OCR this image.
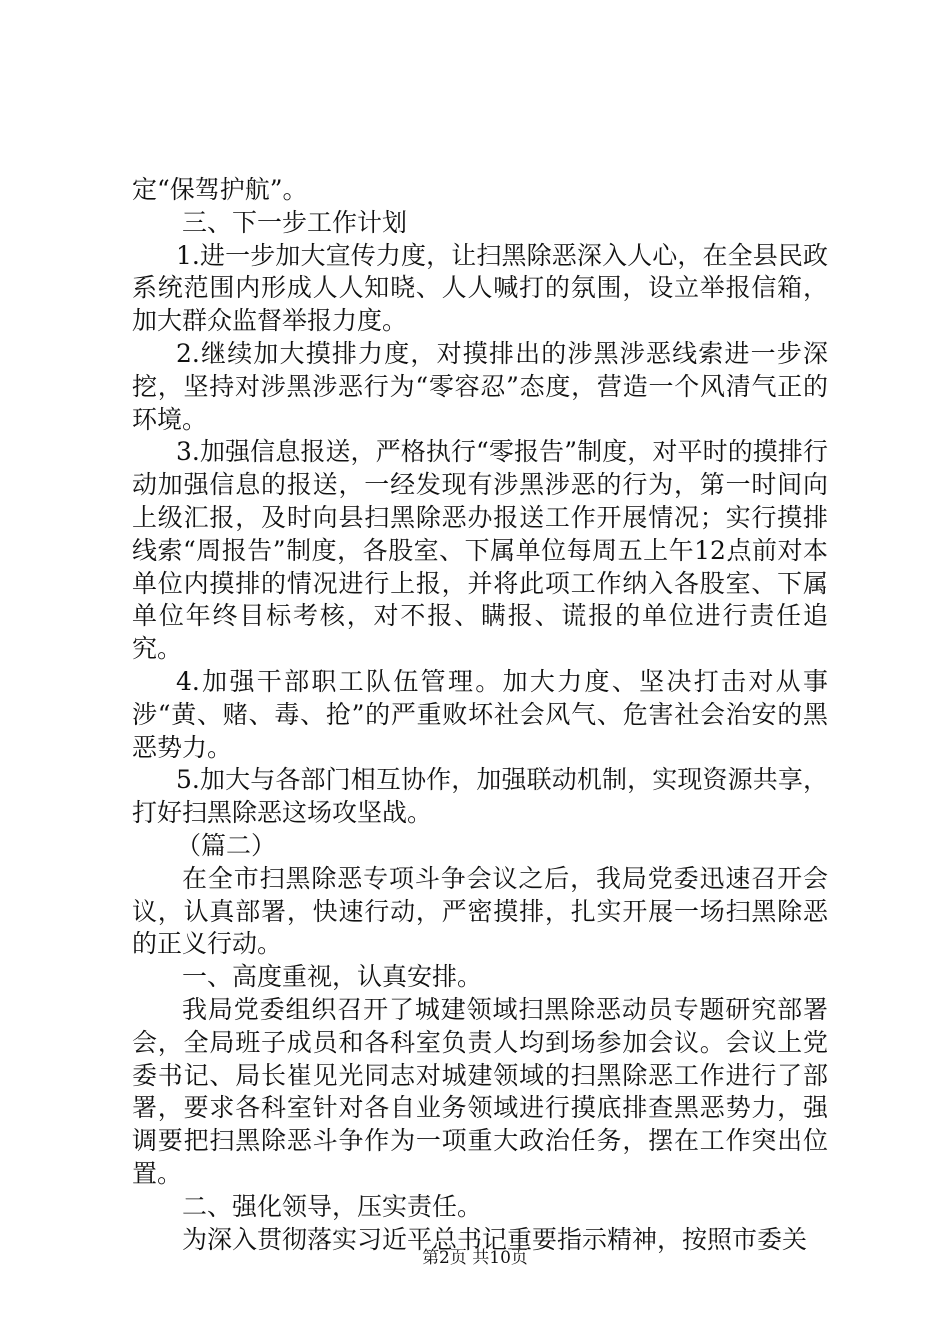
定“保驾护航”。

三、下一步工作计划

1.进一步加大宣传力度，让扫黑除恶深入人心，在全县民政系统范围内形成人人知晓、人人喊打的氛围，设立举报信箱，加大群众监督举报力度。

2.继续加大摸排力度，对摸排出的涉黑涉恶线索进一步深挖，坚持对涉黑涉恶行为“零容忍”态度，营造一个风清气正的环境。

3.加强信息报送，严格执行“零报告”制度，对平时的摸排行动加强信息的报送，一经发现有涉黑涉恶的行为，第一时间向上级汇报，及时向县扫黑除恶办报送工作开展情况；实行摸排线索“周报告”制度，各股室、下属单位每周五上午12点前对本单位内摸排的情况进行上报，并将此项工作纳入各股室、下属单位年终目标考核，对不报、瞒报、谎报的单位进行责任追究。

4.加强干部职工队伍管理。加大力度、坚决打击对从事涉“黄、赌、毒、抢”的严重败坏社会风气、危害社会治安的黑恶势力。

5.加大与各部门相互协作，加强联动机制，实现资源共享，打好扫黑除恶这场攻坚战。

（篇二）

在全市扫黑除恶专项斗争会议之后，我局党委迅速召开会议，认真部署，快速行动，严密摸排，扎实开展一场扫黑除恶的正义行动。

一、高度重视，认真安排。

我局党委组织召开了城建领域扫黑除恶动员专题研究部署会，全局班子成员和各科室负责人均到场参加会议。会议上党委书记、局长崔见光同志对城建领域的扫黑除恶工作进行了部署，要求各科室针对各自业务领域进行摸底排查黑恶势力，强调要把扫黑除恶斗争作为一项重大政治任务，摆在工作突出位置。

二、强化领导，压实责任。

为深入贯彻落实习近平总书记重要指示精神，按照市委关

第2页 共10页
